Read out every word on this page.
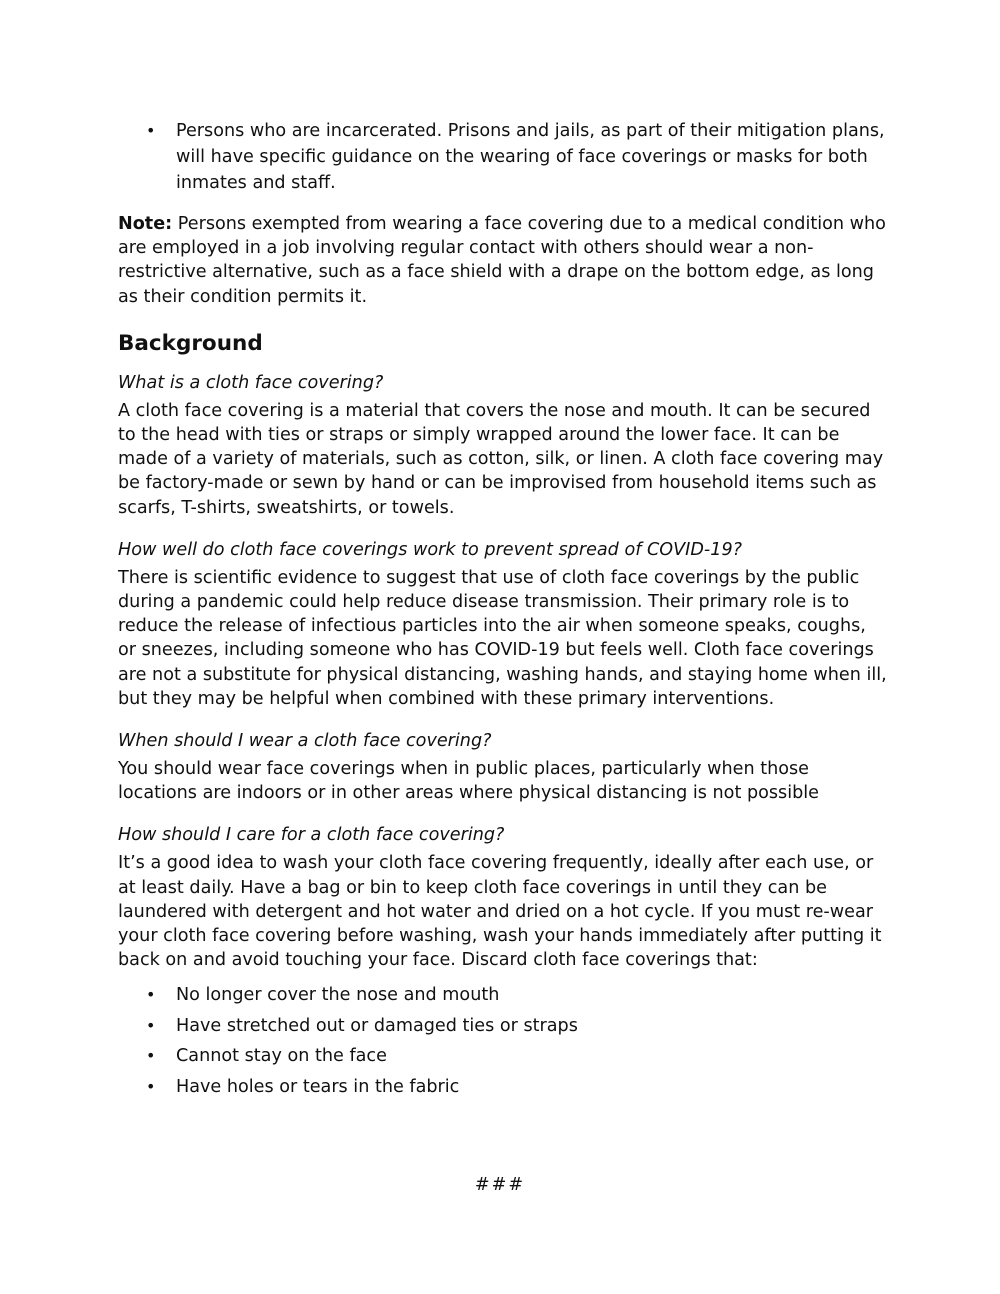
• Persons who are incarcerated. Prisons and jails, as part of their mitigation plans, will have specific guidance on the wearing of face coverings or masks for both inmates and staff.

Note: Persons exempted from wearing a face covering due to a medical condition who are employed in a job involving regular contact with others should wear a non-restrictive alternative, such as a face shield with a drape on the bottom edge, as long as their condition permits it.

Background

What is a cloth face covering?

A cloth face covering is a material that covers the nose and mouth. It can be secured to the head with ties or straps or simply wrapped around the lower face. It can be made of a variety of materials, such as cotton, silk, or linen. A cloth face covering may be factory-made or sewn by hand or can be improvised from household items such as scarfs, T-shirts, sweatshirts, or towels.

How well do cloth face coverings work to prevent spread of COVID-19?

There is scientific evidence to suggest that use of cloth face coverings by the public during a pandemic could help reduce disease transmission. Their primary role is to reduce the release of infectious particles into the air when someone speaks, coughs, or sneezes, including someone who has COVID-19 but feels well. Cloth face coverings are not a substitute for physical distancing, washing hands, and staying home when ill, but they may be helpful when combined with these primary interventions.

When should I wear a cloth face covering?

You should wear face coverings when in public places, particularly when those locations are indoors or in other areas where physical distancing is not possible

How should I care for a cloth face covering?

It’s a good idea to wash your cloth face covering frequently, ideally after each use, or at least daily. Have a bag or bin to keep cloth face coverings in until they can be laundered with detergent and hot water and dried on a hot cycle. If you must re-wear your cloth face covering before washing, wash your hands immediately after putting it back on and avoid touching your face. Discard cloth face coverings that:

• No longer cover the nose and mouth
• Have stretched out or damaged ties or straps
• Cannot stay on the face
• Have holes or tears in the fabric
###
